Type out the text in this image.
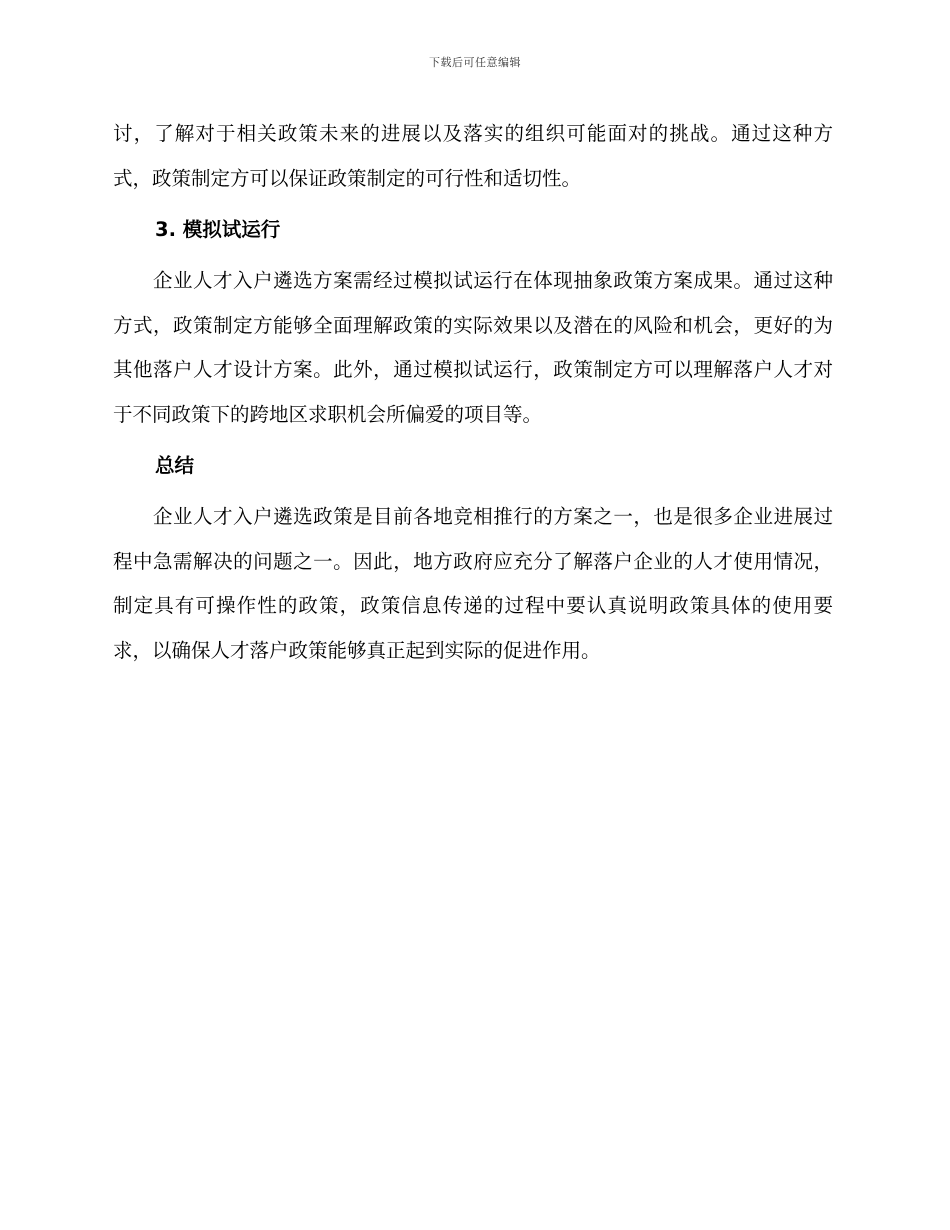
下载后可任意编辑

讨，了解对于相关政策未来的进展以及落实的组织可能面对的挑战。通过这种方式，政策制定方可以保证政策制定的可行性和适切性。

3. 模拟试运行

企业人才入户遴选方案需经过模拟试运行在体现抽象政策方案成果。通过这种方式，政策制定方能够全面理解政策的实际效果以及潜在的风险和机会，更好的为其他落户人才设计方案。此外，通过模拟试运行，政策制定方可以理解落户人才对于不同政策下的跨地区求职机会所偏爱的项目等。

总结

企业人才入户遴选政策是目前各地竞相推行的方案之一，也是很多企业进展过程中急需解决的问题之一。因此，地方政府应充分了解落户企业的人才使用情况，制定具有可操作性的政策，政策信息传递的过程中要认真说明政策具体的使用要求，以确保人才落户政策能够真正起到实际的促进作用。
